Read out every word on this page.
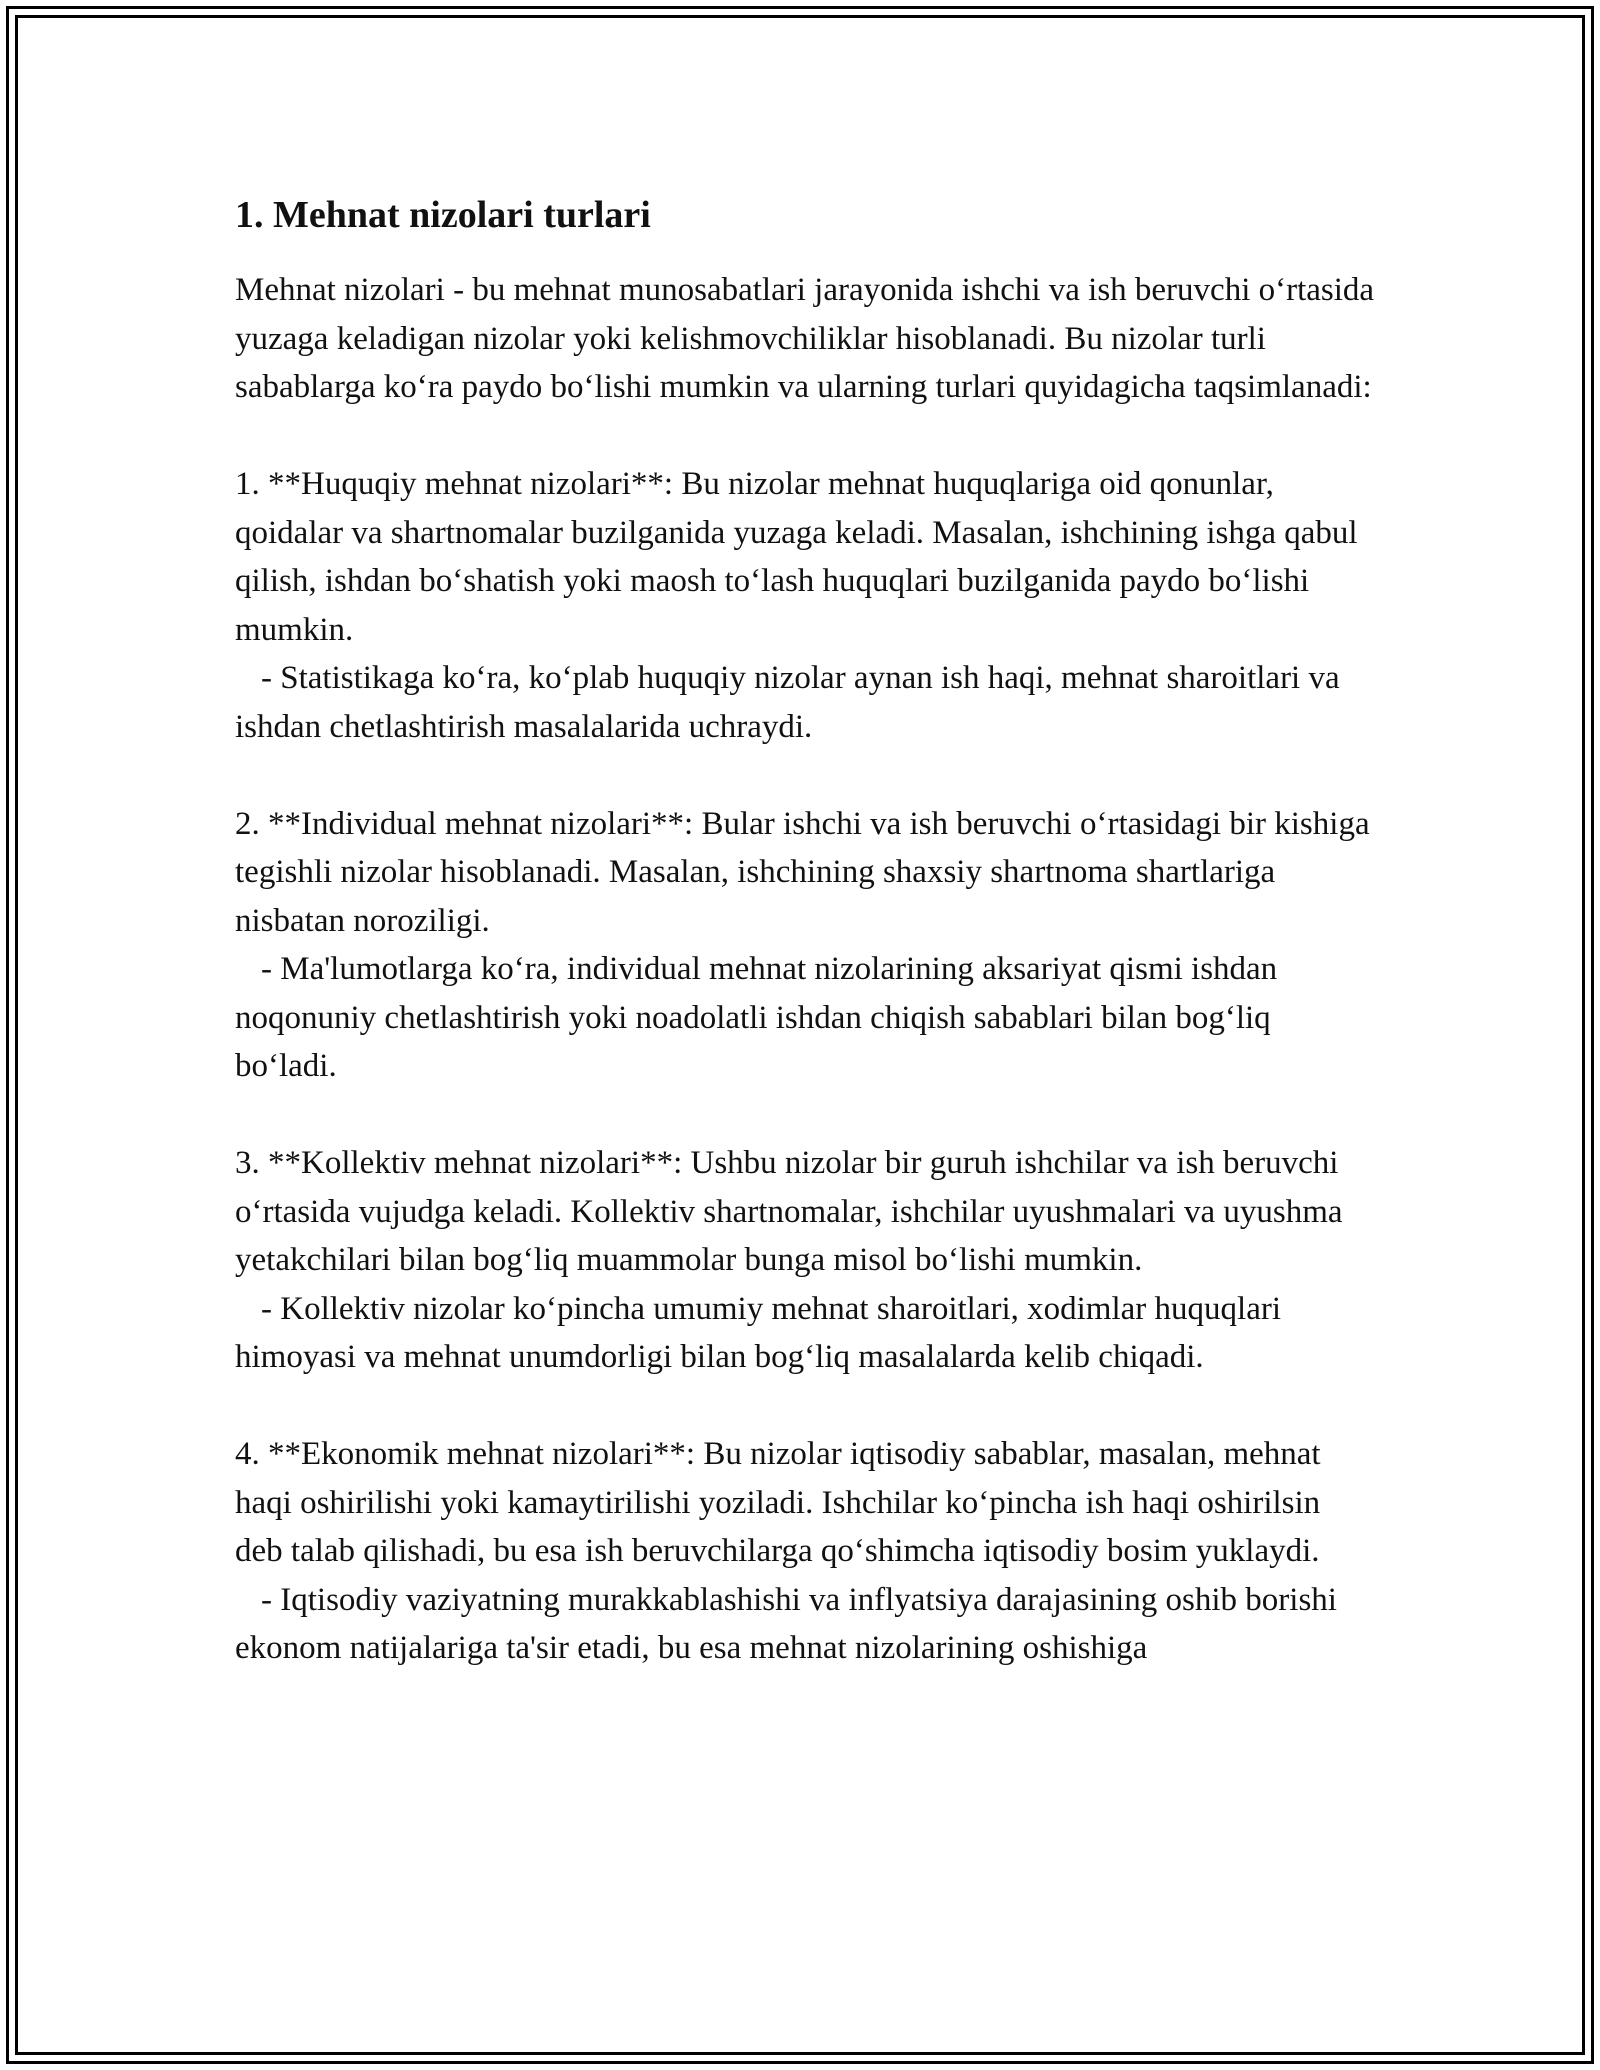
1. Mehnat nizolari turlari

Mehnat nizolari - bu mehnat munosabatlari jarayonida ishchi va ish beruvchi o‘rtasida yuzaga keladigan nizolar yoki kelishmovchiliklar hisoblanadi. Bu nizolar turli sabablarga ko‘ra paydo bo‘lishi mumkin va ularning turlari quyidagicha taqsimlanadi:

1. **Huquqiy mehnat nizolari**: Bu nizolar mehnat huquqlariga oid qonunlar, qoidalar va shartnomalar buzilganida yuzaga keladi. Masalan, ishchining ishga qabul qilish, ishdan bo‘shatish yoki maosh to‘lash huquqlari buzilganida paydo bo‘lishi mumkin.
- Statistikaga ko‘ra, ko‘plab huquqiy nizolar aynan ish haqi, mehnat sharoitlari va ishdan chetlashtirish masalalarida uchraydi.
2. **Individual mehnat nizolari**: Bular ishchi va ish beruvchi o‘rtasidagi bir kishiga tegishli nizolar hisoblanadi. Masalan, ishchining shaxsiy shartnoma shartlariga nisbatan noroziligi.
- Ma'lumotlarga ko‘ra, individual mehnat nizolarining aksariyat qismi ishdan noqonuniy chetlashtirish yoki noadolatli ishdan chiqish sabablari bilan bog‘liq bo‘ladi.
3. **Kollektiv mehnat nizolari**: Ushbu nizolar bir guruh ishchilar va ish beruvchi o‘rtasida vujudga keladi. Kollektiv shartnomalar, ishchilar uyushmalari va uyushma yetakchilari bilan bog‘liq muammolar bunga misol bo‘lishi mumkin.
- Kollektiv nizolar ko‘pincha umumiy mehnat sharoitlari, xodimlar huquqlari himoyasi va mehnat unumdorligi bilan bog‘liq masalalarda kelib chiqadi.
4. **Ekonomik mehnat nizolari**: Bu nizolar iqtisodiy sabablar, masalan, mehnat haqi oshirilishi yoki kamaytirilishi yoziladi. Ishchilar ko‘pincha ish haqi oshirilsin deb talab qilishadi, bu esa ish beruvchilarga qo‘shimcha iqtisodiy bosim yuklaydi.
- Iqtisodiy vaziyatning murakkablashishi va inflyatsiya darajasining oshib borishi ekonom natijalariga ta'sir etadi, bu esa mehnat nizolarining oshishiga
